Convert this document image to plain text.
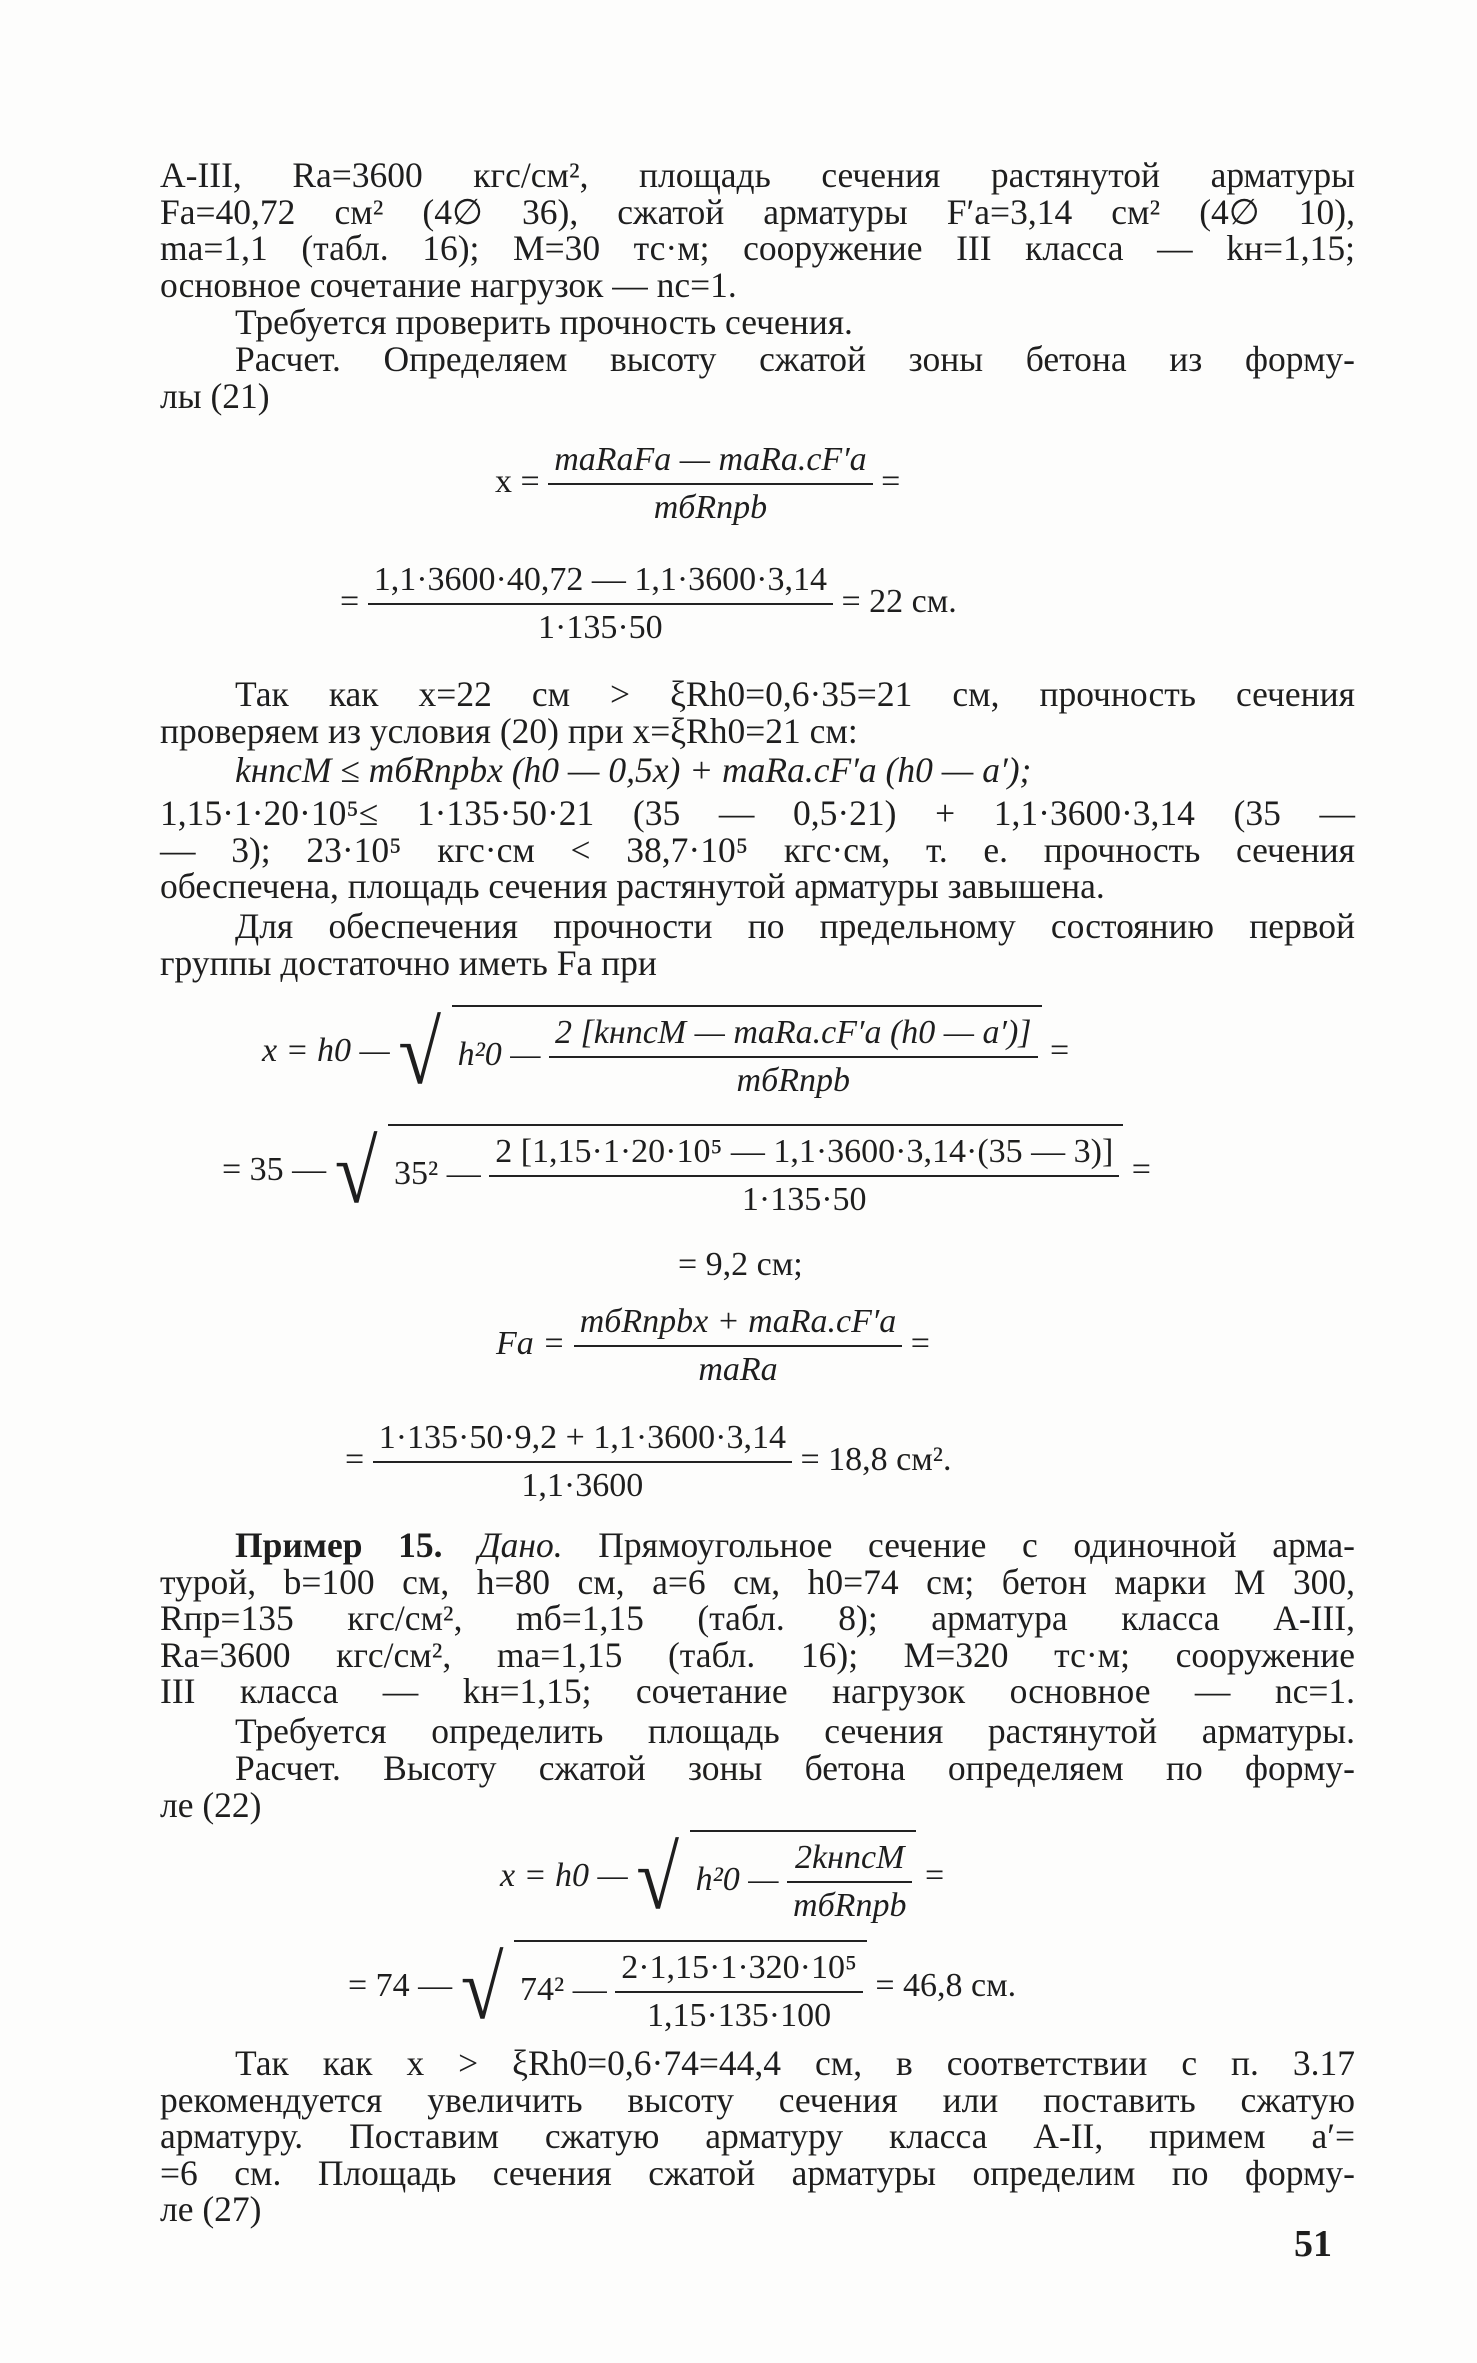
А-III, Rа=3600 кгс/см², площадь сечения растянутой арматуры
Fа=40,72 см² (4∅ 36), сжатой арматуры F′а=3,14 см² (4∅ 10),
mа=1,1 (табл. 16); M=30 тс·м; сооружение III класса — kн=1,15;
основное сочетание нагрузок — nс=1.
Требуется проверить прочность сечения.
Расчет. Определяем высоту сжатой зоны бетона из форму-
лы (21)
$x = \frac{\text{mаRаFа — mаRа.сF′а}}{\text{mбRпрb}}$ =
= $\frac{1,1\cdot 3600\cdot 40,72 — 1,1\cdot 3600\cdot 3,14}{1\cdot 135\cdot 50} = 22$ см.
Так как x=22 см > ξRh0=0,6·35=21 см, прочность сечения
проверяем из условия (20) при x=ξRh0=21 см:
kнnсM ≤ mбRпрbx (h0 — 0,5x) + mаRа.сF′а (h0 — a′);
1,15·1·20·10⁵≤ 1·135·50·21 (35 — 0,5·21) + 1,1·3600·3,14 (35 —
— 3); 23·10⁵ кгс·см < 38,7·10⁵ кгс·см, т. е. прочность сечения
обеспечена, площадь сечения растянутой арматуры завышена.
Для обеспечения прочности по предельному состоянию первой
группы достаточно иметь Fа при
x = h0 — √ h²0 — $\frac{\text{2 [kнnсM — mаRа.сF′а (h0 — a′)]}}{\text{mбRпрb}}$ =
= 35 — √ 35² — $\frac{\text{2 [1,15·1·20·10⁵ — 1,1·3600·3,14·(35 — 3)]}}{1\cdot 135\cdot 50}$ =
= 9,2 см;
Fа = $\frac{\text{mбRпрbx + mаRа.сF′а}}{\text{mаRа}}$ =
= $\frac{1\cdot 135\cdot 50\cdot 9,2 + 1,1\cdot 3600\cdot 3,14}{1,1\cdot 3600} = 18,8$ см².
Пример 15. Дано. Прямоугольное сечение с одиночной арма-
турой, b=100 см, h=80 см, a=6 см, h0=74 см; бетон марки М 300,
Rпр=135 кгс/см², mб=1,15 (табл. 8); арматура класса А-III,
Rа=3600 кгс/см², mа=1,15 (табл. 16); M=320 тс·м; сооружение
III класса — kн=1,15; сочетание нагрузок основное — nс=1.
Требуется определить площадь сечения растянутой арматуры.
Расчет. Высоту сжатой зоны бетона определяем по форму-
ле (22)
x = h0 — √ h²0 — $\frac{\text{2kнnсM}}{\text{mбRпрb}}$ =
= 74 — √ 74² — $\frac{\text{2·1,15·1·320·10⁵}}{1,15\cdot 135\cdot 100} = 46,8$ см.
Так как x > ξRh0=0,6·74=44,4 см, в соответствии с п. 3.17
рекомендуется увеличить высоту сечения или поставить сжатую
арматуру. Поставим сжатую арматуру класса А-II, примем a′=
=6 см. Площадь сечения сжатой арматуры определим по форму-
ле (27)
51
